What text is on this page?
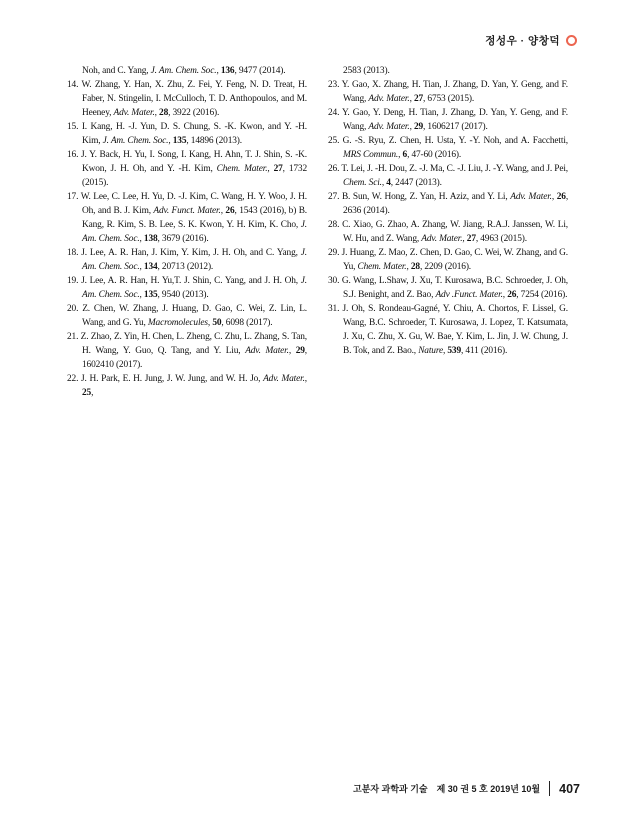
정성우 · 양창덕
Noh, and C. Yang, J. Am. Chem. Soc., 136, 9477 (2014).
14. W. Zhang, Y. Han, X. Zhu, Z. Fei, Y. Feng, N. D. Treat, H. Faber, N. Stingelin, I. McCulloch, T. D. Anthopoulos, and M. Heeney, Adv. Mater., 28, 3922 (2016).
15. I. Kang, H. -J. Yun, D. S. Chung, S. -K. Kwon, and Y. -H. Kim, J. Am. Chem. Soc., 135, 14896 (2013).
16. J. Y. Back, H. Yu, I. Song, I. Kang, H. Ahn, T. J. Shin, S. -K. Kwon, J. H. Oh, and Y. -H. Kim, Chem. Mater., 27, 1732 (2015).
17. W. Lee, C. Lee, H. Yu, D. -J. Kim, C. Wang, H. Y. Woo, J. H. Oh, and B. J. Kim, Adv. Funct. Mater., 26, 1543 (2016), b) B. Kang, R. Kim, S. B. Lee, S. K. Kwon, Y. H. Kim, K. Cho, J. Am. Chem. Soc., 138, 3679 (2016).
18. J. Lee, A. R. Han, J. Kim, Y. Kim, J. H. Oh, and C. Yang, J. Am. Chem. Soc., 134, 20713 (2012).
19. J. Lee, A. R. Han, H. Yu,T. J. Shin, C. Yang, and J. H. Oh, J. Am. Chem. Soc., 135, 9540 (2013).
20. Z. Chen, W. Zhang, J. Huang, D. Gao, C. Wei, Z. Lin, L. Wang, and G. Yu, Macromolecules, 50, 6098 (2017).
21. Z. Zhao, Z. Yin, H. Chen, L. Zheng, C. Zhu, L. Zhang, S. Tan, H. Wang, Y. Guo, Q. Tang, and Y. Liu, Adv. Mater., 29, 1602410 (2017).
22. J. H. Park, E. H. Jung, J. W. Jung, and W. H. Jo, Adv. Mater., 25,
2583 (2013).
23. Y. Gao, X. Zhang, H. Tian, J. Zhang, D. Yan, Y. Geng, and F. Wang, Adv. Mater., 27, 6753 (2015).
24. Y. Gao, Y. Deng, H. Tian, J. Zhang, D. Yan, Y. Geng, and F. Wang, Adv. Mater., 29, 1606217 (2017).
25. G. -S. Ryu, Z. Chen, H. Usta, Y. -Y. Noh, and A. Facchetti, MRS Commun., 6, 47-60 (2016).
26. T. Lei, J. -H. Dou, Z. -J. Ma, C. -J. Liu, J. -Y. Wang, and J. Pei, Chem. Sci., 4, 2447 (2013).
27. B. Sun, W. Hong, Z. Yan, H. Aziz, and Y. Li, Adv. Mater., 26, 2636 (2014).
28. C. Xiao, G. Zhao, A. Zhang, W. Jiang, R.A.J. Janssen, W. Li, W. Hu, and Z. Wang, Adv. Mater., 27, 4963 (2015).
29. J. Huang, Z. Mao, Z. Chen, D. Gao, C. Wei, W. Zhang, and G. Yu, Chem. Mater., 28, 2209 (2016).
30. G. Wang, L.Shaw, J. Xu, T. Kurosawa, B.C. Schroeder, J. Oh, S.J. Benight, and Z. Bao, Adv .Funct. Mater., 26, 7254 (2016).
31. J. Oh, S. Rondeau-Gagné, Y. Chiu, A. Chortos, F. Lissel, G. Wang, B.C. Schroeder, T. Kurosawa, J. Lopez, T. Katsumata, J. Xu, C. Zhu, X. Gu, W. Bae, Y. Kim, L. Jin, J. W. Chung, J. B. Tok, and Z. Bao., Nature, 539, 411 (2016).
고분자 과학과 기술 제 30 권 5 호 2019년 10월 407
